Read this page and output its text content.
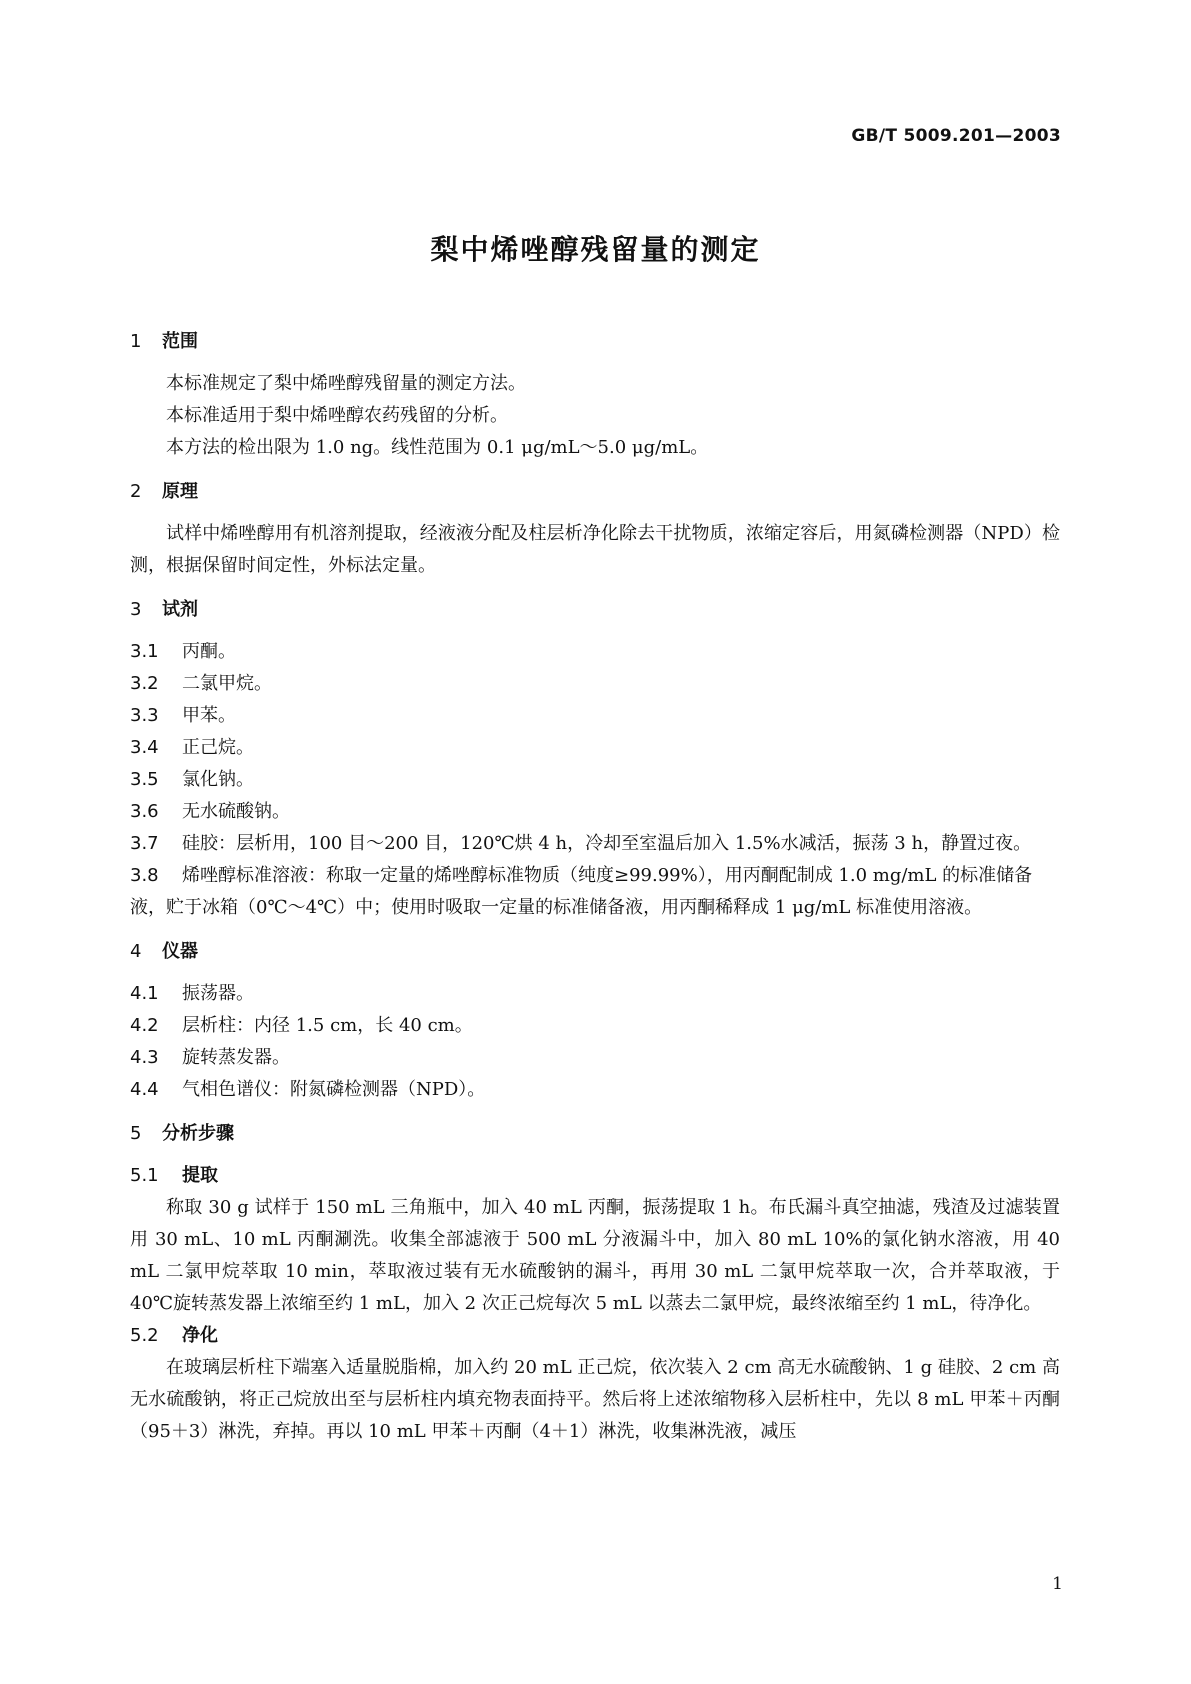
GB/T 5009.201—2003
梨中烯唑醇残留量的测定
1 范围

本标准规定了梨中烯唑醇残留量的测定方法。

本标准适用于梨中烯唑醇农药残留的分析。

本方法的检出限为 1.0 ng。线性范围为 0.1 μg/mL～5.0 μg/mL。

2 原理

试样中烯唑醇用有机溶剂提取，经液液分配及柱层析净化除去干扰物质，浓缩定容后，用氮磷检测器（NPD）检测，根据保留时间定性，外标法定量。

3 试剂

3.1 丙酮。

3.2 二氯甲烷。

3.3 甲苯。

3.4 正己烷。

3.5 氯化钠。

3.6 无水硫酸钠。

3.7 硅胶：层析用，100 目～200 目，120℃烘 4 h，冷却至室温后加入 1.5%水减活，振荡 3 h，静置过夜。

3.8 烯唑醇标准溶液：称取一定量的烯唑醇标准物质（纯度≥99.99%），用丙酮配制成 1.0 mg/mL 的标准储备液，贮于冰箱（0℃～4℃）中；使用时吸取一定量的标准储备液，用丙酮稀释成 1 μg/mL 标准使用溶液。

4 仪器

4.1 振荡器。

4.2 层析柱：内径 1.5 cm，长 40 cm。

4.3 旋转蒸发器。

4.4 气相色谱仪：附氮磷检测器（NPD）。

5 分析步骤
5.1 提取

称取 30 g 试样于 150 mL 三角瓶中，加入 40 mL 丙酮，振荡提取 1 h。布氏漏斗真空抽滤，残渣及过滤装置用 30 mL、10 mL 丙酮涮洗。收集全部滤液于 500 mL 分液漏斗中，加入 80 mL 10%的氯化钠水溶液，用 40 mL 二氯甲烷萃取 10 min，萃取液过装有无水硫酸钠的漏斗，再用 30 mL 二氯甲烷萃取一次，合并萃取液，于 40℃旋转蒸发器上浓缩至约 1 mL，加入 2 次正己烷每次 5 mL 以蒸去二氯甲烷，最终浓缩至约 1 mL，待净化。

5.2 净化

在玻璃层析柱下端塞入适量脱脂棉，加入约 20 mL 正己烷，依次装入 2 cm 高无水硫酸钠、1 g 硅胶、2 cm 高无水硫酸钠，将正己烷放出至与层析柱内填充物表面持平。然后将上述浓缩物移入层析柱中，先以 8 mL 甲苯＋丙酮（95＋3）淋洗，弃掉。再以 10 mL 甲苯＋丙酮（4＋1）淋洗，收集淋洗液，减压

1
